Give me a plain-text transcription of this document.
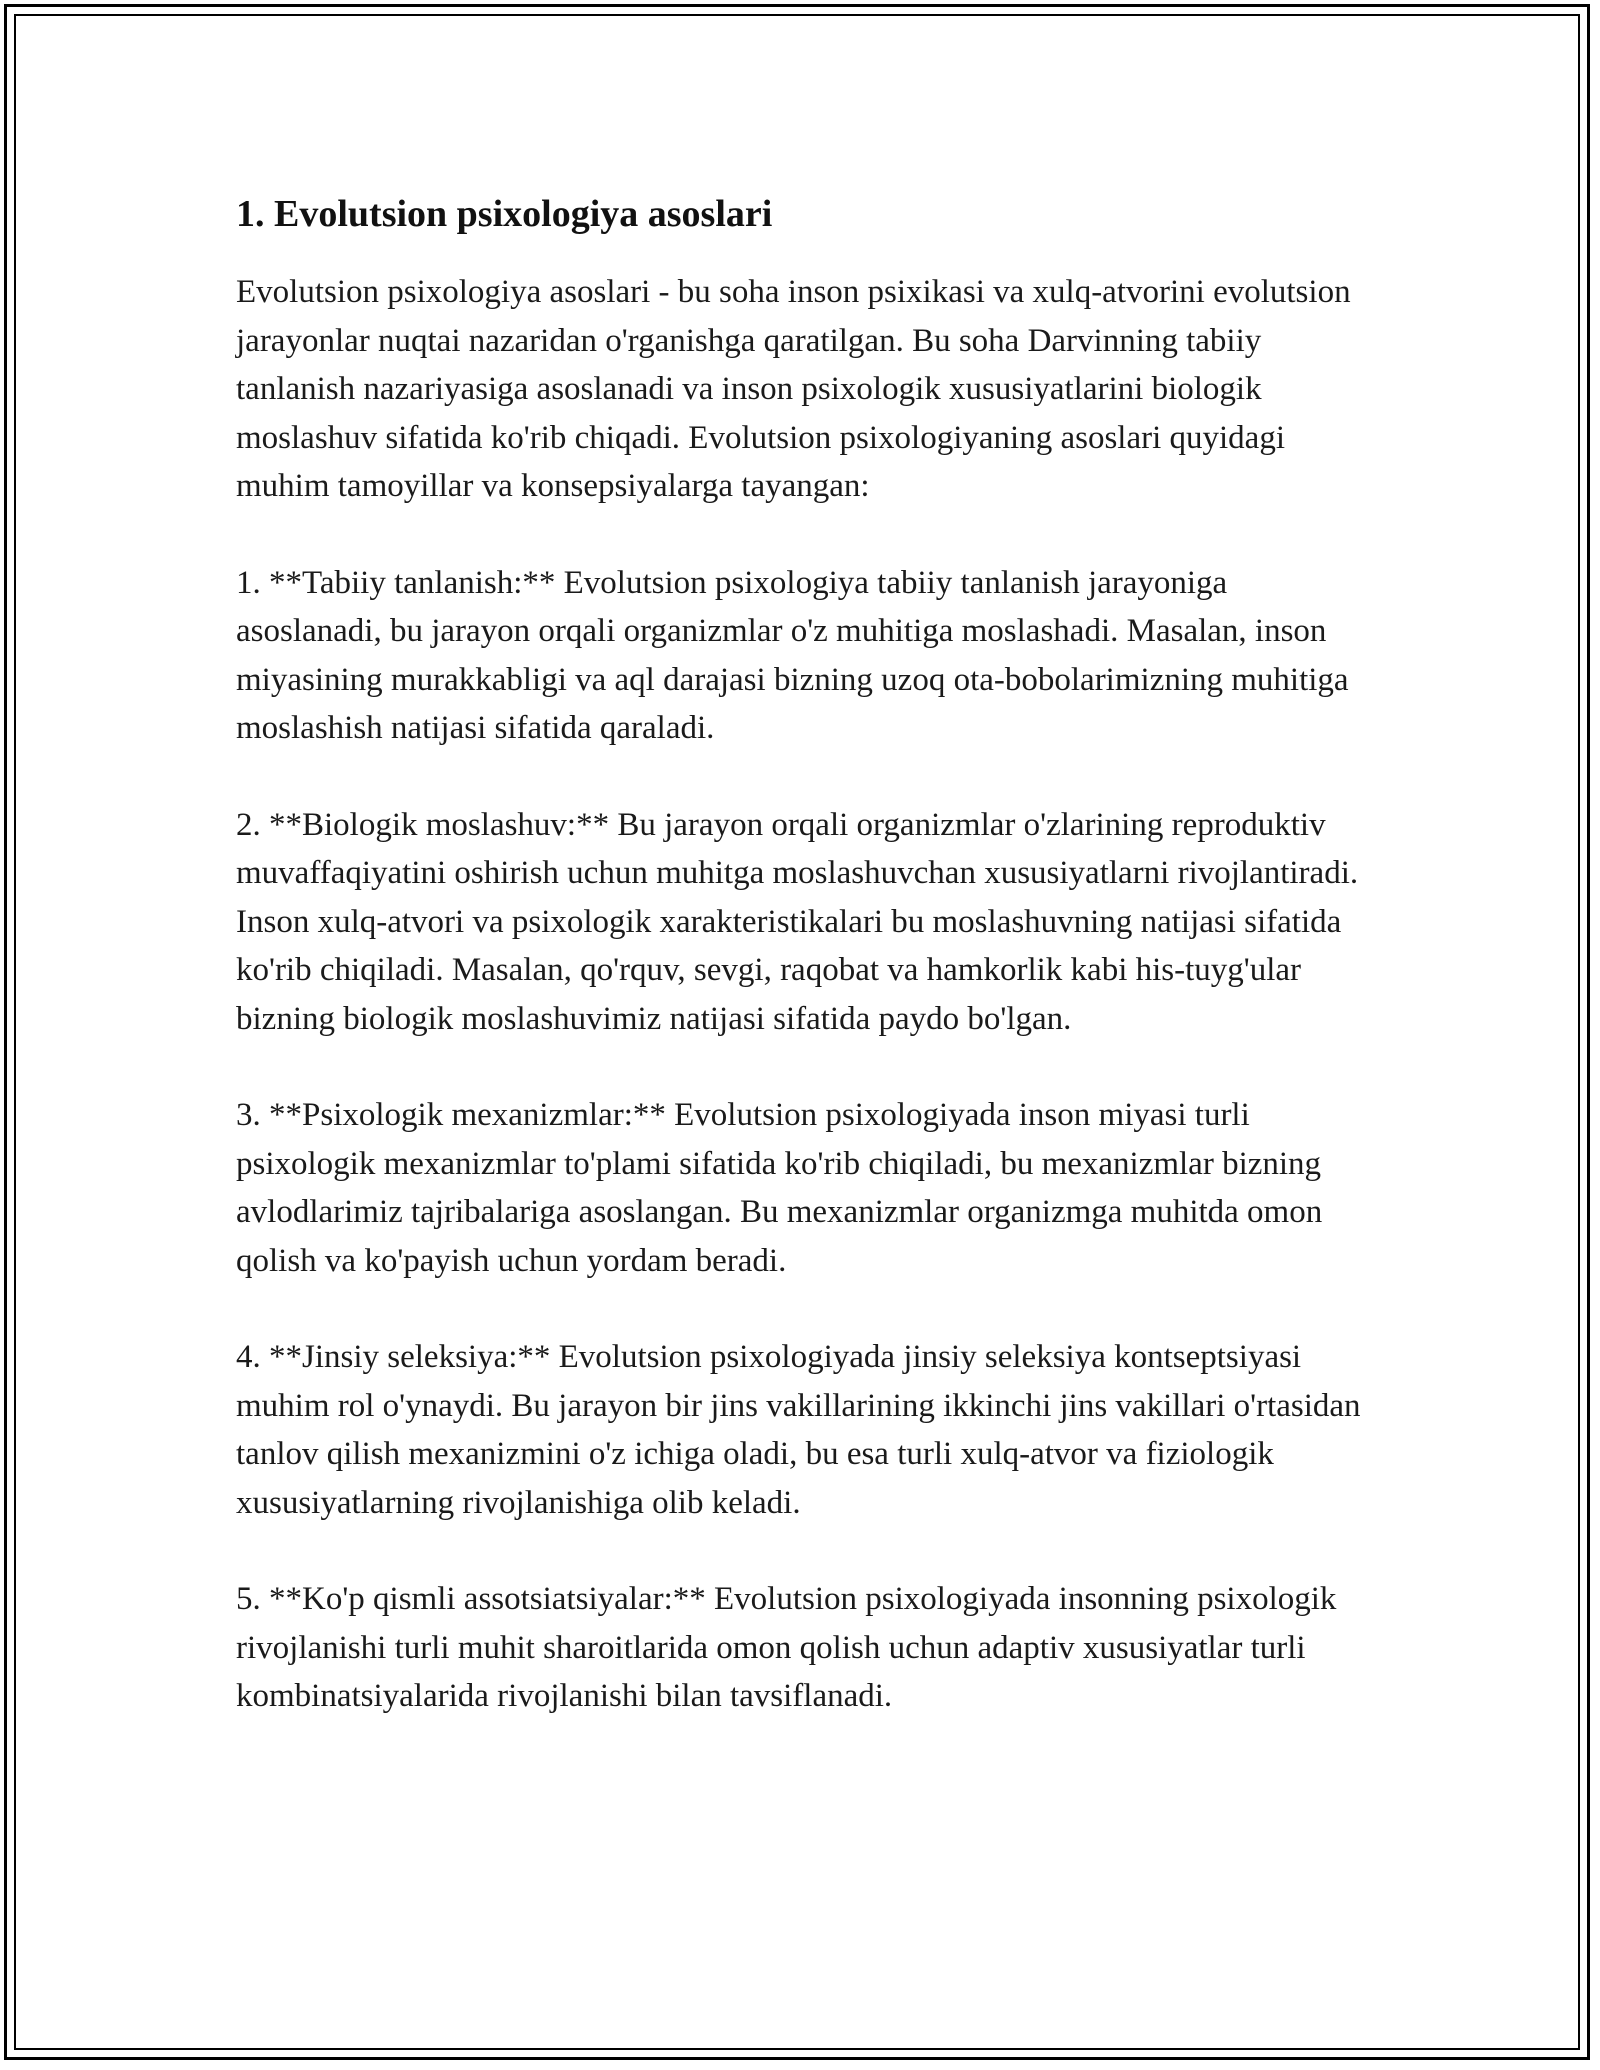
1. Evolutsion psixologiya asoslari

Evolutsion psixologiya asoslari - bu soha inson psixikasi va xulq-atvorini evolutsion jarayonlar nuqtai nazaridan o'rganishga qaratilgan. Bu soha Darvinning tabiiy tanlanish nazariyasiga asoslanadi va inson psixologik xususiyatlarini biologik moslashuv sifatida ko'rib chiqadi. Evolutsion psixologiyaning asoslari quyidagi muhim tamoyillar va konsepsiyalarga tayangan:

1. **Tabiiy tanlanish:** Evolutsion psixologiya tabiiy tanlanish jarayoniga asoslanadi, bu jarayon orqali organizmlar o'z muhitiga moslashadi. Masalan, inson miyasining murakkabligi va aql darajasi bizning uzoq ota-bobolarimizning muhitiga moslashish natijasi sifatida qaraladi.

2. **Biologik moslashuv:** Bu jarayon orqali organizmlar o'zlarining reproduktiv muvaffaqiyatini oshirish uchun muhitga moslashuvchan xususiyatlarni rivojlantiradi. Inson xulq-atvori va psixologik xarakteristikalari bu moslashuvning natijasi sifatida ko'rib chiqiladi. Masalan, qo'rquv, sevgi, raqobat va hamkorlik kabi his-tuyg'ular bizning biologik moslashuvimiz natijasi sifatida paydo bo'lgan.

3. **Psixologik mexanizmlar:** Evolutsion psixologiyada inson miyasi turli psixologik mexanizmlar to'plami sifatida ko'rib chiqiladi, bu mexanizmlar bizning avlodlarimiz tajribalariga asoslangan. Bu mexanizmlar organizmga muhitda omon qolish va ko'payish uchun yordam beradi.

4. **Jinsiy seleksiya:** Evolutsion psixologiyada jinsiy seleksiya kontseptsiyasi muhim rol o'ynaydi. Bu jarayon bir jins vakillarining ikkinchi jins vakillari o'rtasidan tanlov qilish mexanizmini o'z ichiga oladi, bu esa turli xulq-atvor va fiziologik xususiyatlarning rivojlanishiga olib keladi.

5. **Ko'p qismli assotsiatsiyalar:** Evolutsion psixologiyada insonning psixologik rivojlanishi turli muhit sharoitlarida omon qolish uchun adaptiv xususiyatlar turli kombinatsiyalarida rivojlanishi bilan tavsiflanadi.
